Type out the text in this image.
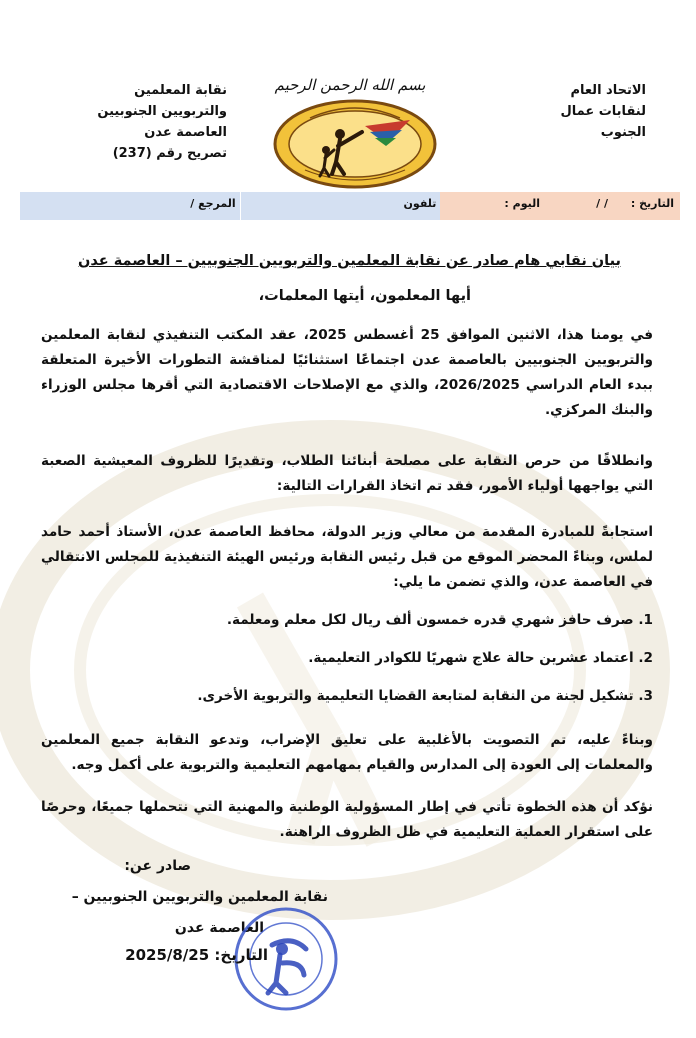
الاتحاد العام
لنقابات عمال
الجنوب
بسم الله الرحمن الرحيم
نقابة المعلمين
والتربويين الجنوبيين
العاصمة عدن
تصريح رقم (237)
التاريخ :
/ /
اليوم :
تلفون
المرجع /
بيان نقابي هام صادر عن نقابة المعلمين والتربويين الجنوبيين – العاصمة عدن
أيها المعلمون، أيتها المعلمات،
في يومنا هذا، الاثنين الموافق 25 أغسطس 2025، عقد المكتب التنفيذي لنقابة المعلمين والتربويين الجنوبيين بالعاصمة عدن اجتماعًا استثنائيًا لمناقشة التطورات الأخيرة المتعلقة ببدء العام الدراسي 2026/2025، والذي مع الإصلاحات الاقتصادية التي أقرها مجلس الوزراء والبنك المركزي.
وانطلاقًا من حرص النقابة على مصلحة أبنائنا الطلاب، وتقديرًا للظروف المعيشية الصعبة التي يواجهها أولياء الأمور، فقد تم اتخاذ القرارات التالية:
استجابةً للمبادرة المقدمة من معالي وزير الدولة، محافظ العاصمة عدن، الأستاذ أحمد حامد لملس، وبناءً المحضر الموقع من قبل رئيس النقابة ورئيس الهيئة التنفيذية للمجلس الانتقالي في العاصمة عدن، والذي تضمن ما يلي:
1. صرف حافز شهري قدره خمسون ألف ريال لكل معلم ومعلمة.
2. اعتماد عشرين حالة علاج شهريًا للكوادر التعليمية.
3. تشكيل لجنة من النقابة لمتابعة القضايا التعليمية والتربوية الأخرى.
وبناءً عليه، تم التصويت بالأغلبية على تعليق الإضراب، وتدعو النقابة جميع المعلمين والمعلمات إلى العودة إلى المدارس والقيام بمهامهم التعليمية والتربوية على أكمل وجه.
نؤكد أن هذه الخطوة تأتي في إطار المسؤولية الوطنية والمهنية التي نتحملها جميعًا، وحرصًا على استقرار العملية التعليمية في ظل الظروف الراهنة.
صادر عن:
نقابة المعلمين والتربويين الجنوبيين –
العاصمة عدن
التاريخ: 2025/8/25
